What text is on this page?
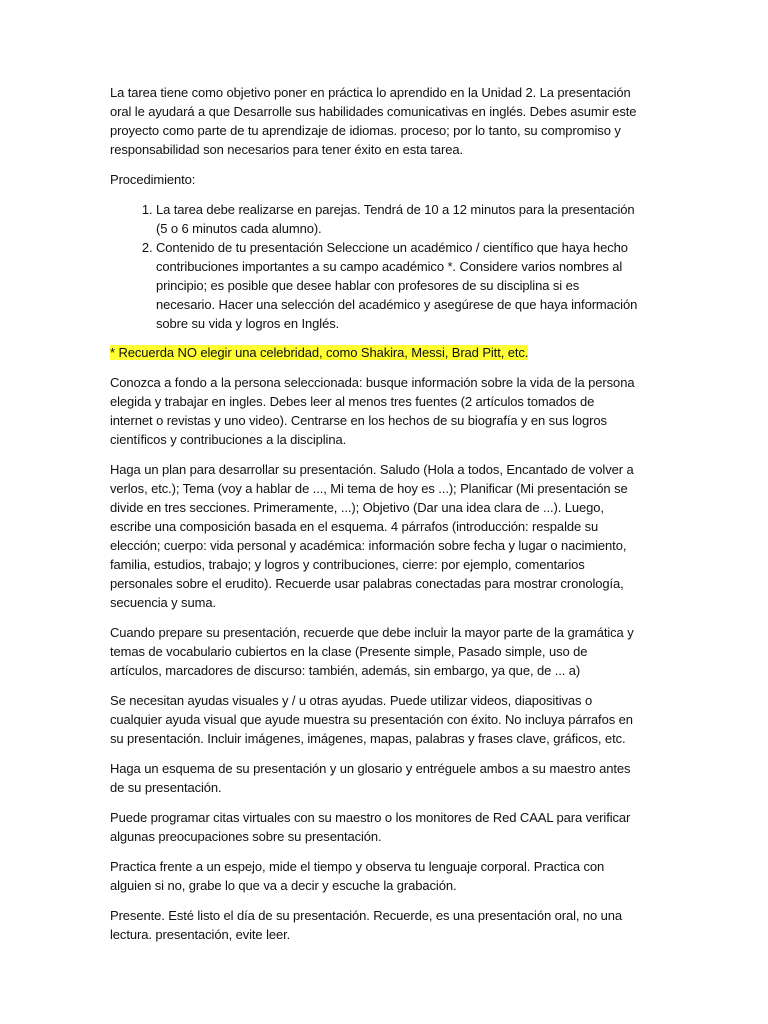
La tarea tiene como objetivo poner en práctica lo aprendido en la Unidad 2. La presentación oral le ayudará a que Desarrolle sus habilidades comunicativas en inglés. Debes asumir este proyecto como parte de tu aprendizaje de idiomas. proceso; por lo tanto, su compromiso y responsabilidad son necesarios para tener éxito en esta tarea.

Procedimiento:

1. La tarea debe realizarse en parejas. Tendrá de 10 a 12 minutos para la presentación (5 o 6 minutos cada alumno).
2. Contenido de tu presentación Seleccione un académico / científico que haya hecho contribuciones importantes a su campo académico *. Considere varios nombres al principio; es posible que desee hablar con profesores de su disciplina si es necesario. Hacer una selección del académico y asegúrese de que haya información sobre su vida y logros en Inglés.

* Recuerda NO elegir una celebridad, como Shakira, Messi, Brad Pitt, etc.

Conozca a fondo a la persona seleccionada: busque información sobre la vida de la persona elegida y trabajar en ingles. Debes leer al menos tres fuentes (2 artículos tomados de internet o revistas y uno video). Centrarse en los hechos de su biografía y en sus logros científicos y contribuciones a la disciplina.

Haga un plan para desarrollar su presentación. Saludo (Hola a todos, Encantado de volver a verlos, etc.); Tema (voy a hablar de ..., Mi tema de hoy es ...); Planificar (Mi presentación se divide en tres secciones. Primeramente, ...); Objetivo (Dar una idea clara de ...). Luego, escribe una composición basada en el esquema. 4 párrafos (introducción: respalde su elección; cuerpo: vida personal y académica: información sobre fecha y lugar o nacimiento, familia, estudios, trabajo; y logros y contribuciones, cierre: por ejemplo, comentarios personales sobre el erudito). Recuerde usar palabras conectadas para mostrar cronología, secuencia y suma.

Cuando prepare su presentación, recuerde que debe incluir la mayor parte de la gramática y temas de vocabulario cubiertos en la clase (Presente simple, Pasado simple, uso de artículos, marcadores de discurso: también, además, sin embargo, ya que, de ... a)

Se necesitan ayudas visuales y / u otras ayudas. Puede utilizar videos, diapositivas o cualquier ayuda visual que ayude muestra su presentación con éxito. No incluya párrafos en su presentación. Incluir imágenes, imágenes, mapas, palabras y frases clave, gráficos, etc.

Haga un esquema de su presentación y un glosario y entréguele ambos a su maestro antes de su presentación.

Puede programar citas virtuales con su maestro o los monitores de Red CAAL para verificar algunas preocupaciones sobre su presentación.

Practica frente a un espejo, mide el tiempo y observa tu lenguaje corporal. Practica con alguien si no, grabe lo que va a decir y escuche la grabación.

Presente. Esté listo el día de su presentación. Recuerde, es una presentación oral, no una lectura. presentación, evite leer.
